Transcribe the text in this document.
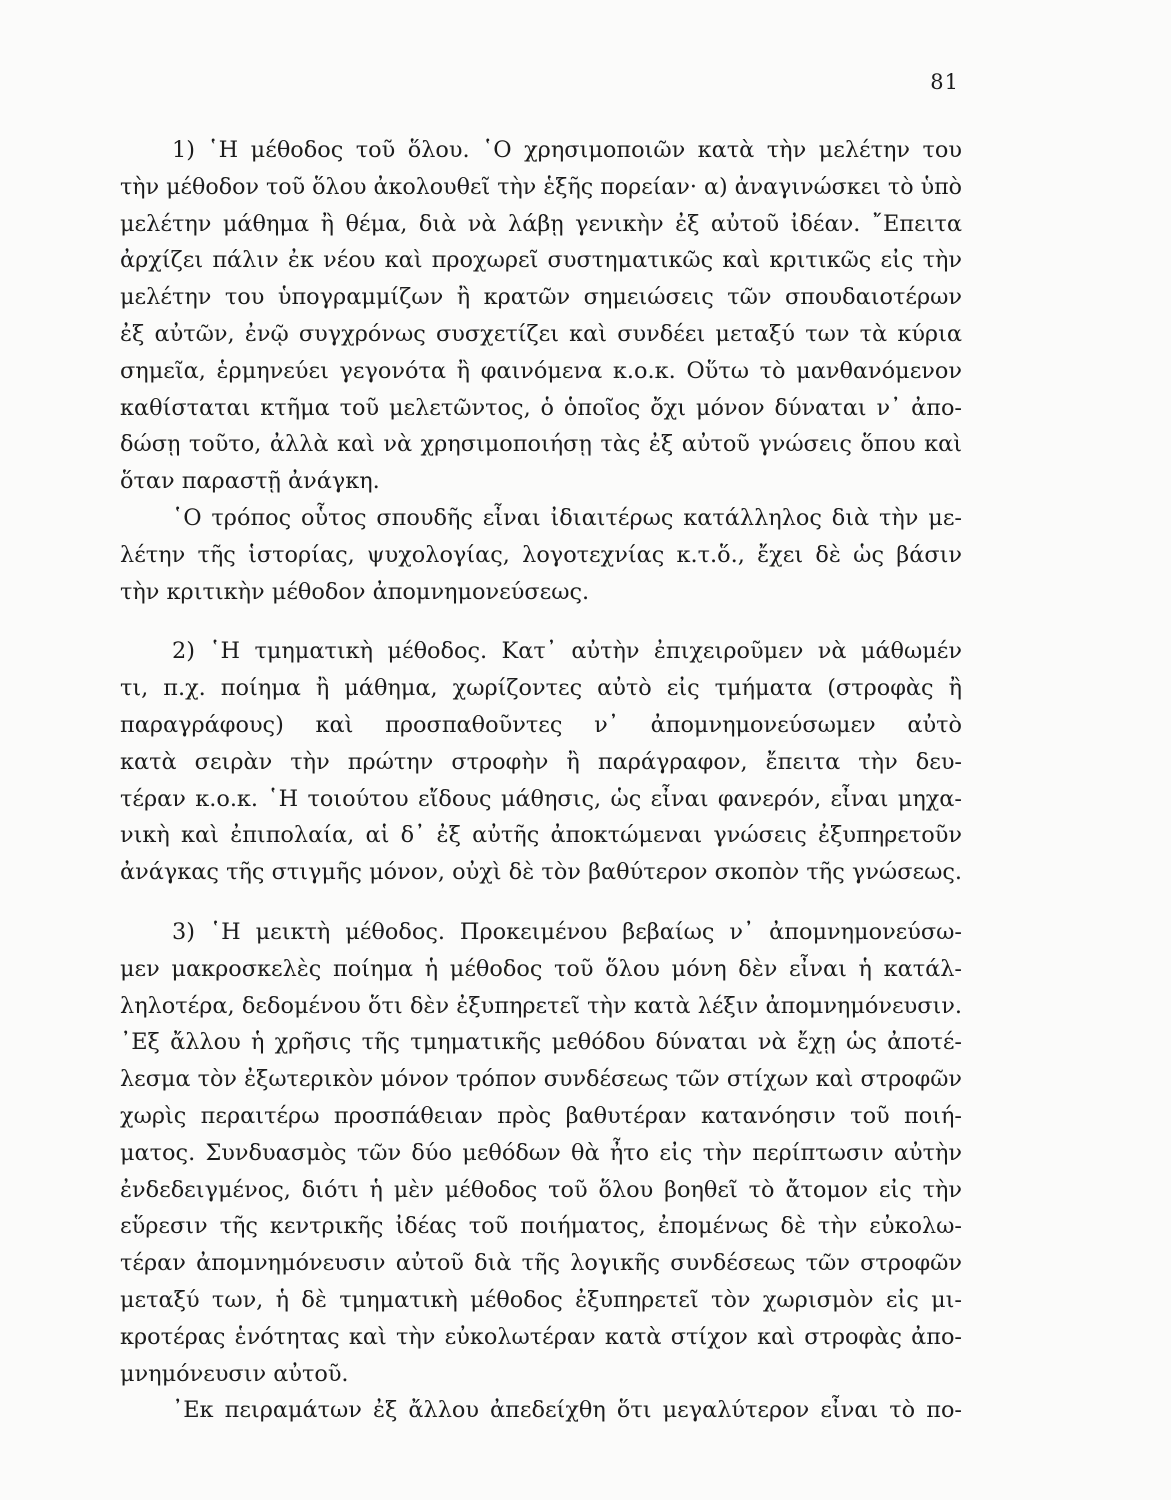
81
1) ῾Η μέθοδος τοῦ ὅλου. ῾Ο χρησιμοποιῶν κατὰ τὴν μελέτην του
τὴν μέθοδον τοῦ ὅλου ἀκολουθεῖ τὴν ἑξῆς πορείαν· α) ἀναγινώσκει τὸ ὑπὸ
μελέτην μάθημα ἢ θέμα, διὰ νὰ λάβῃ γενικὴν ἐξ αὐτοῦ ἰδέαν. ῎Επειτα
ἀρχίζει πάλιν ἐκ νέου καὶ προχωρεῖ συστηματικῶς καὶ κριτικῶς εἰς τὴν
μελέτην του ὑπογραμμίζων ἢ κρατῶν σημειώσεις τῶν σπουδαιοτέρων
ἐξ αὐτῶν, ἐνῷ συγχρόνως συσχετίζει καὶ συνδέει μεταξύ των τὰ κύρια
σημεῖα, ἑρμηνεύει γεγονότα ἢ φαινόμενα κ.ο.κ. Οὕτω τὸ μανθανόμενον
καθίσταται κτῆμα τοῦ μελετῶντος, ὁ ὁποῖος ὄχι μόνον δύναται ν᾽ ἀπο-
δώσῃ τοῦτο, ἀλλὰ καὶ νὰ χρησιμοποιήσῃ τὰς ἐξ αὐτοῦ γνώσεις ὅπου καὶ
ὅταν παραστῇ ἀνάγκη.
῾Ο τρόπος οὗτος σπουδῆς εἶναι ἰδιαιτέρως κατάλληλος διὰ τὴν με-
λέτην τῆς ἱστορίας, ψυχολογίας, λογοτεχνίας κ.τ.ὅ., ἔχει δὲ ὡς βάσιν
τὴν κριτικὴν μέθοδον ἀπομνημονεύσεως.
2) ῾Η τμηματικὴ μέθοδος. Κατ᾽ αὐτὴν ἐπιχειροῦμεν νὰ μάθωμέν
τι, π.χ. ποίημα ἢ μάθημα, χωρίζοντες αὐτὸ εἰς τμήματα (στροφὰς ἢ
παραγράφους) καὶ προσπαθοῦντες ν᾽ ἀπομνημονεύσωμεν αὐτὸ
κατὰ σειρὰν τὴν πρώτην στροφὴν ἢ παράγραφον, ἔπειτα τὴν δευ-
τέραν κ.ο.κ. ῾Η τοιούτου εἴδους μάθησις, ὡς εἶναι φανερόν, εἶναι μηχα-
νικὴ καὶ ἐπιπολαία, αἱ δ᾽ ἐξ αὐτῆς ἀποκτώμεναι γνώσεις ἐξυπηρετοῦν
ἀνάγκας τῆς στιγμῆς μόνον, οὐχὶ δὲ τὸν βαθύτερον σκοπὸν τῆς γνώσεως.
3) ῾Η μεικτὴ μέθοδος. Προκειμένου βεβαίως ν᾽ ἀπομνημονεύσω-
μεν μακροσκελὲς ποίημα ἡ μέθοδος τοῦ ὅλου μόνη δὲν εἶναι ἡ κατάλ-
ληλοτέρα, δεδομένου ὅτι δὲν ἐξυπηρετεῖ τὴν κατὰ λέξιν ἀπομνημόνευσιν.
᾽Εξ ἄλλου ἡ χρῆσις τῆς τμηματικῆς μεθόδου δύναται νὰ ἔχῃ ὡς ἀποτέ-
λεσμα τὸν ἐξωτερικὸν μόνον τρόπον συνδέσεως τῶν στίχων καὶ στροφῶν
χωρὶς περαιτέρω προσπάθειαν πρὸς βαθυτέραν κατανόησιν τοῦ ποιή-
ματος. Συνδυασμὸς τῶν δύο μεθόδων θὰ ἦτο εἰς τὴν περίπτωσιν αὐτὴν
ἐνδεδειγμένος, διότι ἡ μὲν μέθοδος τοῦ ὅλου βοηθεῖ τὸ ἄτομον εἰς τὴν
εὕρεσιν τῆς κεντρικῆς ἰδέας τοῦ ποιήματος, ἐπομένως δὲ τὴν εὐκολω-
τέραν ἀπομνημόνευσιν αὐτοῦ διὰ τῆς λογικῆς συνδέσεως τῶν στροφῶν
μεταξύ των, ἡ δὲ τμηματικὴ μέθοδος ἐξυπηρετεῖ τὸν χωρισμὸν εἰς μι-
κροτέρας ἑνότητας καὶ τὴν εὐκολωτέραν κατὰ στίχον καὶ στροφὰς ἀπο-
μνημόνευσιν αὐτοῦ.
᾽Εκ πειραμάτων ἐξ ἄλλου ἀπεδείχθη ὅτι μεγαλύτερον εἶναι τὸ πο-
